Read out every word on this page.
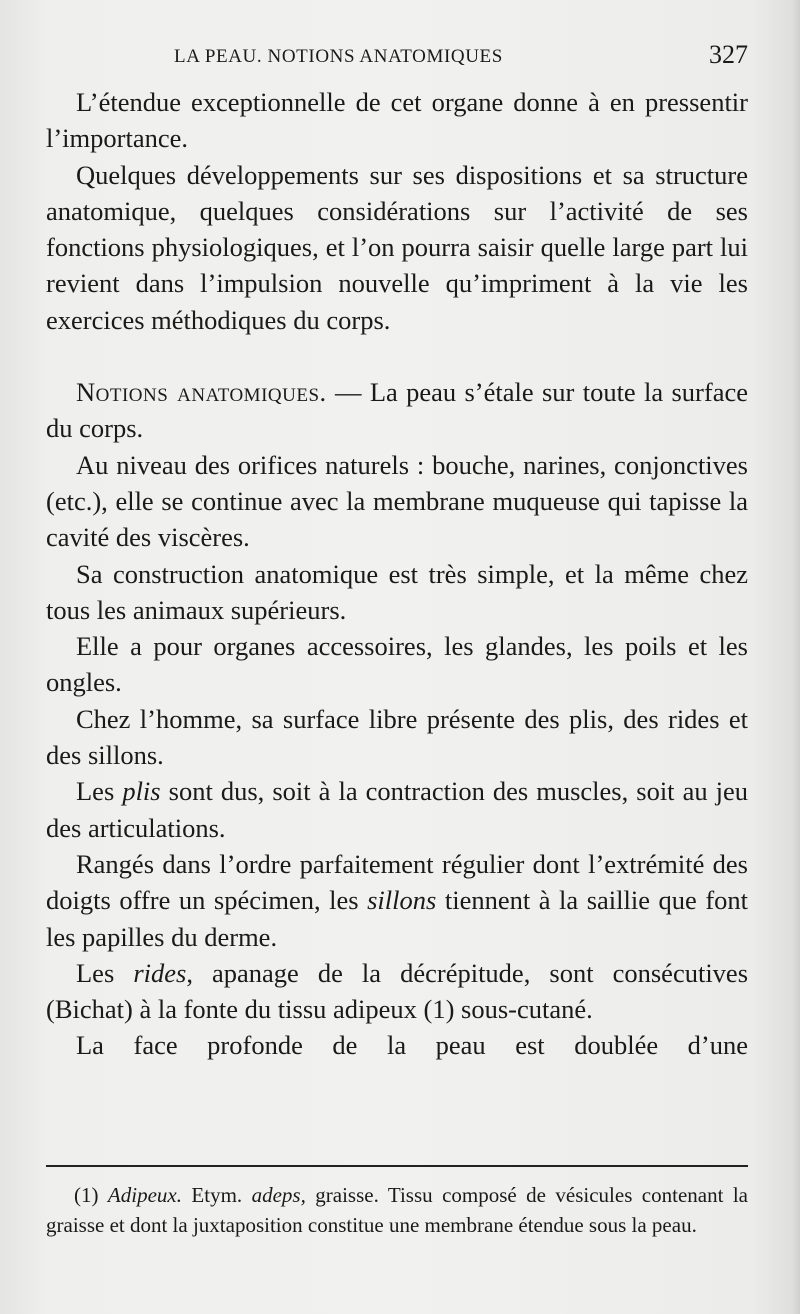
LA PEAU. NOTIONS ANATOMIQUES	327

L’étendue exceptionnelle de cet organe donne à en pressentir l’importance.

Quelques développements sur ses dispositions et sa structure anatomique, quelques considérations sur l’activité de ses fonctions physiologiques, et l’on pourra saisir quelle large part lui revient dans l’impulsion nouvelle qu’impriment à la vie les exercices méthodiques du corps.

Notions anatomiques. — La peau s’étale sur toute la surface du corps.

Au niveau des orifices naturels : bouche, narines, conjonctives (etc.), elle se continue avec la membrane muqueuse qui tapisse la cavité des viscères.

Sa construction anatomique est très simple, et la même chez tous les animaux supérieurs.

Elle a pour organes accessoires, les glandes, les poils et les ongles.

Chez l’homme, sa surface libre présente des plis, des rides et des sillons.

Les plis sont dus, soit à la contraction des muscles, soit au jeu des articulations.

Rangés dans l’ordre parfaitement régulier dont l’extrémité des doigts offre un spécimen, les sillons tiennent à la saillie que font les papilles du derme.

Les rides, apanage de la décrépitude, sont consécutives (Bichat) à la fonte du tissu adipeux (1) sous-cutané.

La face profonde de la peau est doublée d’une

(1) Adipeux. Etym. adeps, graisse. Tissu composé de vésicules contenant la graisse et dont la juxtaposition constitue une membrane étendue sous la peau.
